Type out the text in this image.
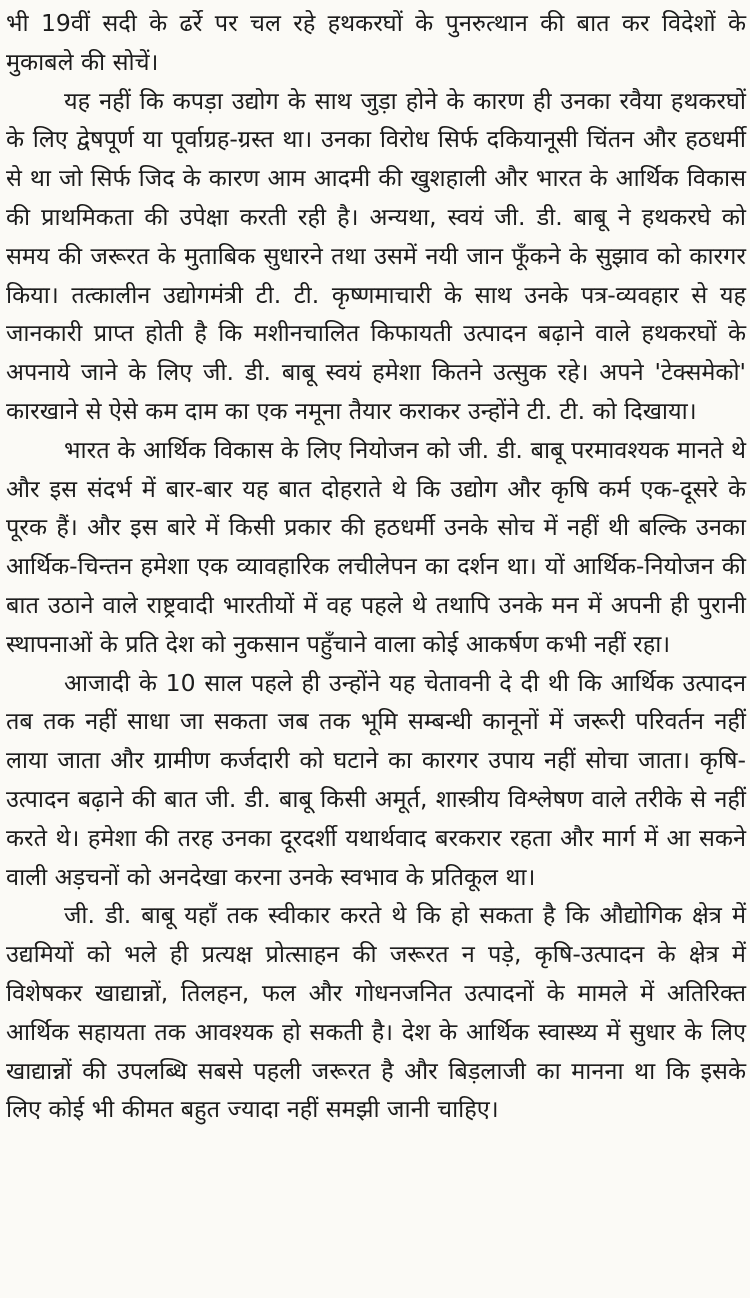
भी 19वीं सदी के ढर्रे पर चल रहे हथकरघों के पुनरुत्थान की बात कर विदेशों के मुकाबले की सोचें।

यह नहीं कि कपड़ा उद्योग के साथ जुड़ा होने के कारण ही उनका रवैया हथकरघों के लिए द्वेषपूर्ण या पूर्वाग्रह-ग्रस्त था। उनका विरोध सिर्फ दकियानूसी चिंतन और हठधर्मी से था जो सिर्फ जिद के कारण आम आदमी की खुशहाली और भारत के आर्थिक विकास की प्राथमिकता की उपेक्षा करती रही है। अन्यथा, स्वयं जी. डी. बाबू ने हथकरघे को समय की जरूरत के मुताबिक सुधारने तथा उसमें नयी जान फूँकने के सुझाव को कारगर किया। तत्कालीन उद्योगमंत्री टी. टी. कृष्णमाचारी के साथ उनके पत्र-व्यवहार से यह जानकारी प्राप्त होती है कि मशीनचालित किफायती उत्पादन बढ़ाने वाले हथकरघों के अपनाये जाने के लिए जी. डी. बाबू स्वयं हमेशा कितने उत्सुक रहे। अपने 'टेक्समेको' कारखाने से ऐसे कम दाम का एक नमूना तैयार कराकर उन्होंने टी. टी. को दिखाया।

भारत के आर्थिक विकास के लिए नियोजन को जी. डी. बाबू परमावश्यक मानते थे और इस संदर्भ में बार-बार यह बात दोहराते थे कि उद्योग और कृषि कर्म एक-दूसरे के पूरक हैं। और इस बारे में किसी प्रकार की हठधर्मी उनके सोच में नहीं थी बल्कि उनका आर्थिक-चिन्तन हमेशा एक व्यावहारिक लचीलेपन का दर्शन था। यों आर्थिक-नियोजन की बात उठाने वाले राष्ट्रवादी भारतीयों में वह पहले थे तथापि उनके मन में अपनी ही पुरानी स्थापनाओं के प्रति देश को नुकसान पहुँचाने वाला कोई आकर्षण कभी नहीं रहा।

आजादी के 10 साल पहले ही उन्होंने यह चेतावनी दे दी थी कि आर्थिक उत्पादन तब तक नहीं साधा जा सकता जब तक भूमि सम्बन्धी कानूनों में जरूरी परिवर्तन नहीं लाया जाता और ग्रामीण कर्जदारी को घटाने का कारगर उपाय नहीं सोचा जाता। कृषि-उत्पादन बढ़ाने की बात जी. डी. बाबू किसी अमूर्त, शास्त्रीय विश्लेषण वाले तरीके से नहीं करते थे। हमेशा की तरह उनका दूरदर्शी यथार्थवाद बरकरार रहता और मार्ग में आ सकने वाली अड़चनों को अनदेखा करना उनके स्वभाव के प्रतिकूल था।

जी. डी. बाबू यहाँ तक स्वीकार करते थे कि हो सकता है कि औद्योगिक क्षेत्र में उद्यमियों को भले ही प्रत्यक्ष प्रोत्साहन की जरूरत न पड़े, कृषि-उत्पादन के क्षेत्र में विशेषकर खाद्यान्नों, तिलहन, फल और गोधनजनित उत्पादनों के मामले में अतिरिक्त आर्थिक सहायता तक आवश्यक हो सकती है। देश के आर्थिक स्वास्थ्य में सुधार के लिए खाद्यान्नों की उपलब्धि सबसे पहली जरूरत है और बिड़लाजी का मानना था कि इसके लिए कोई भी कीमत बहुत ज्यादा नहीं समझी जानी चाहिए।
